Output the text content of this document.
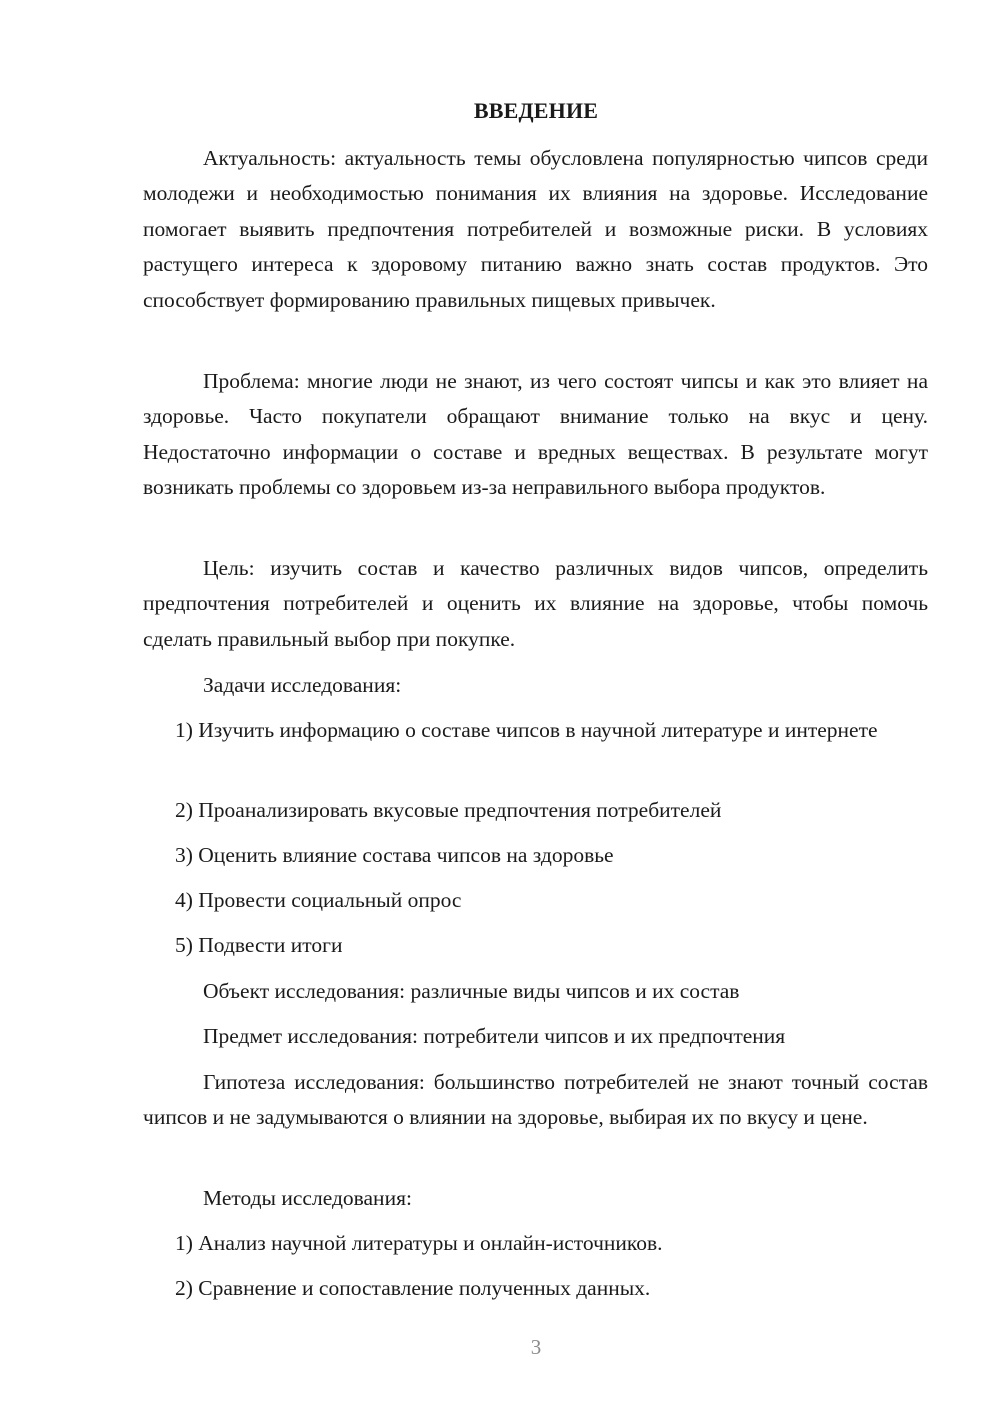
ВВЕДЕНИЕ

Актуальность: актуальность темы обусловлена популярностью чипсов среди молодежи и необходимостью понимания их влияния на здоровье. Исследование помогает выявить предпочтения потребителей и возможные риски. В условиях растущего интереса к здоровому питанию важно знать состав продуктов. Это способствует формированию правильных пищевых привычек.

Проблема: многие люди не знают, из чего состоят чипсы и как это влияет на здоровье. Часто покупатели обращают внимание только на вкус и цену. Недостаточно информации о составе и вредных веществах. В результате могут возникать проблемы со здоровьем из-за неправильного выбора продуктов.

Цель: изучить состав и качество различных видов чипсов, определить предпочтения потребителей и оценить их влияние на здоровье, чтобы помочь сделать правильный выбор при покупке.

Задачи исследования:

1) Изучить информацию о составе чипсов в научной литературе и интернете

2) Проанализировать вкусовые предпочтения потребителей
3) Оценить влияние состава чипсов на здоровье
4) Провести социальный опрос
5) Подвести итоги
Объект исследования: различные виды чипсов и их состав
Предмет исследования: потребители чипсов и их предпочтения

Гипотеза исследования: большинство потребителей не знают точный состав чипсов и не задумываются о влиянии на здоровье, выбирая их по вкусу и цене.

Методы исследования:
1) Анализ научной литературы и онлайн-источников.
2) Сравнение и сопоставление полученных данных.
3
